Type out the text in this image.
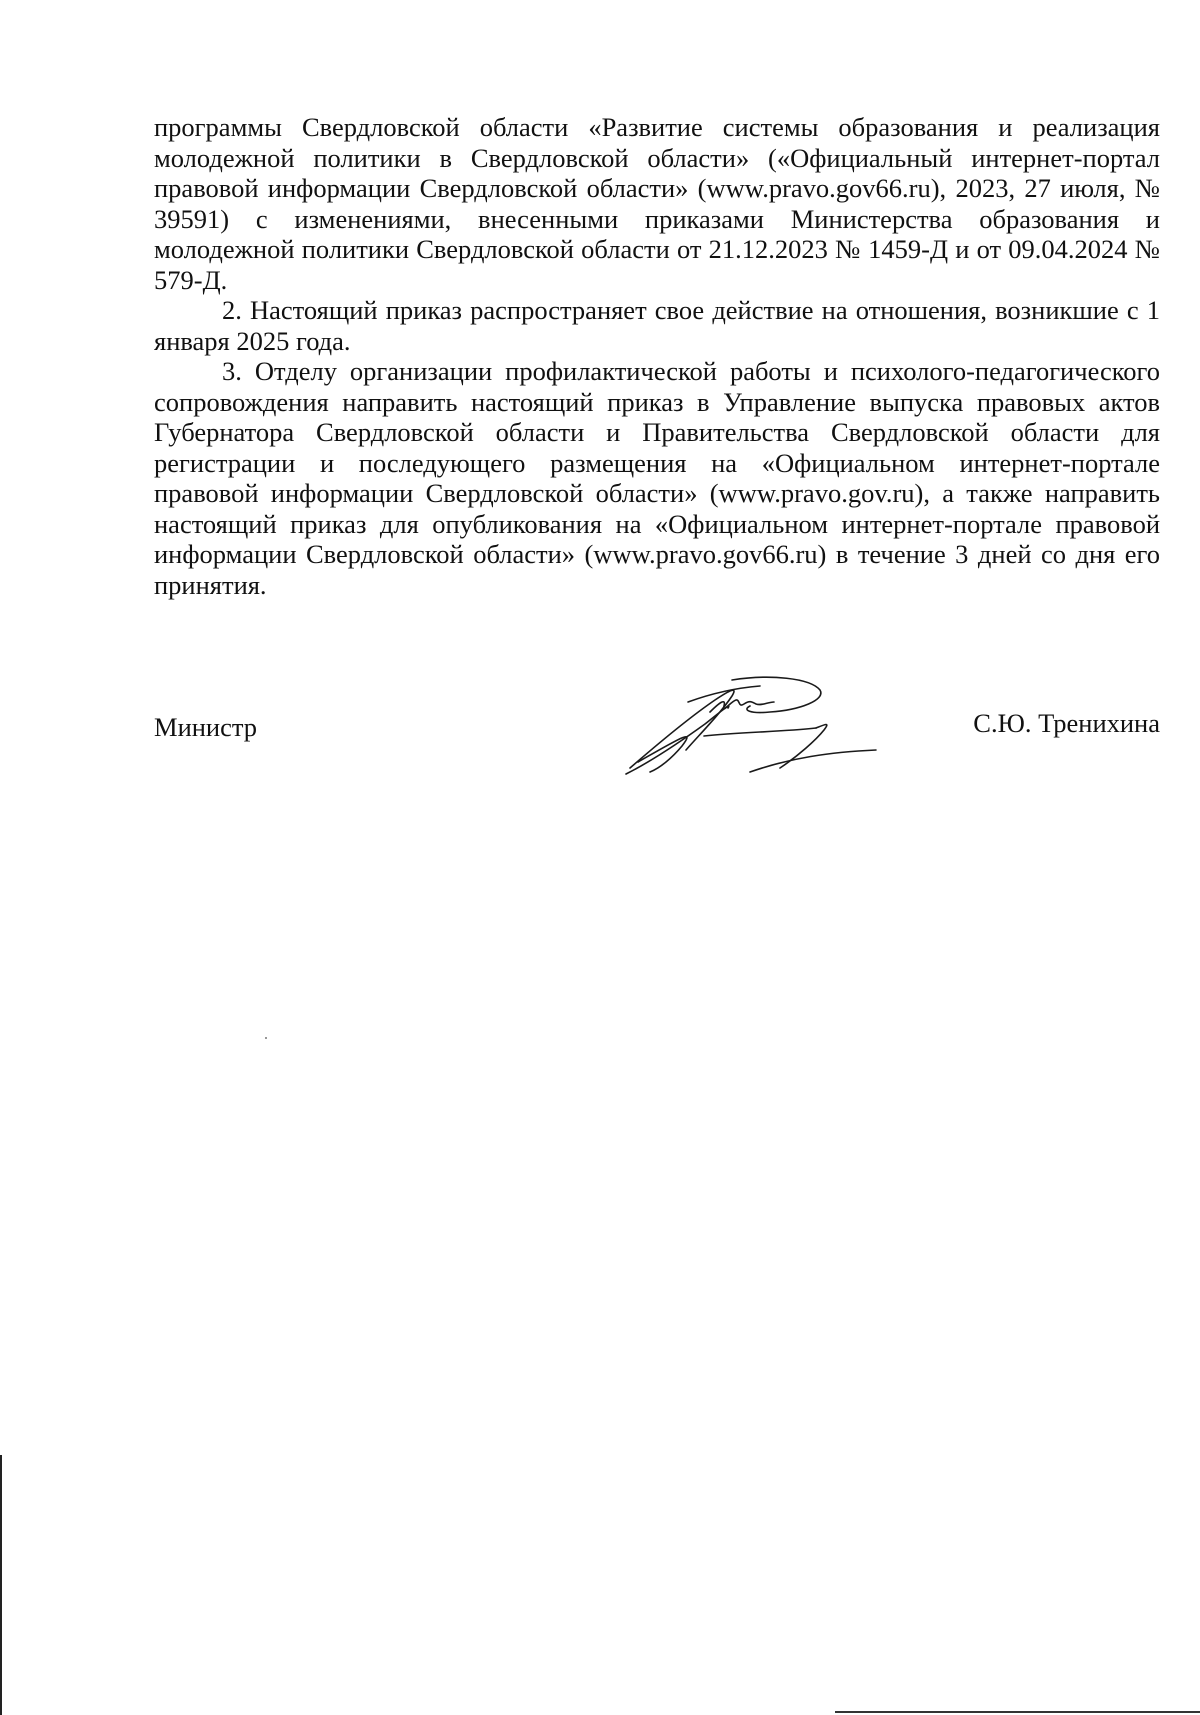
программы Свердловской области «Развитие системы образования и реализация молодежной политики в Свердловской области» («Официальный интернет-портал правовой информации Свердловской области» (www.pravo.gov66.ru), 2023, 27 июля, № 39591) с изменениями, внесенными приказами Министерства образования и молодежной политики Свердловской области от 21.12.2023 № 1459-Д и от 09.04.2024 № 579-Д.

2. Настоящий приказ распространяет свое действие на отношения, возникшие с 1 января 2025 года.

3. Отделу организации профилактической работы и психолого-педагогического сопровождения направить настоящий приказ в Управление выпуска правовых актов Губернатора Свердловской области и Правительства Свердловской области для регистрации и последующего размещения на «Официальном интернет-портале правовой информации Свердловской области» (www.pravo.gov.ru), а также направить настоящий приказ для опубликования на «Официальном интернет-портале правовой информации Свердловской области» (www.pravo.gov66.ru) в течение 3 дней со дня его принятия.

Министр	С.Ю. Тренихина
